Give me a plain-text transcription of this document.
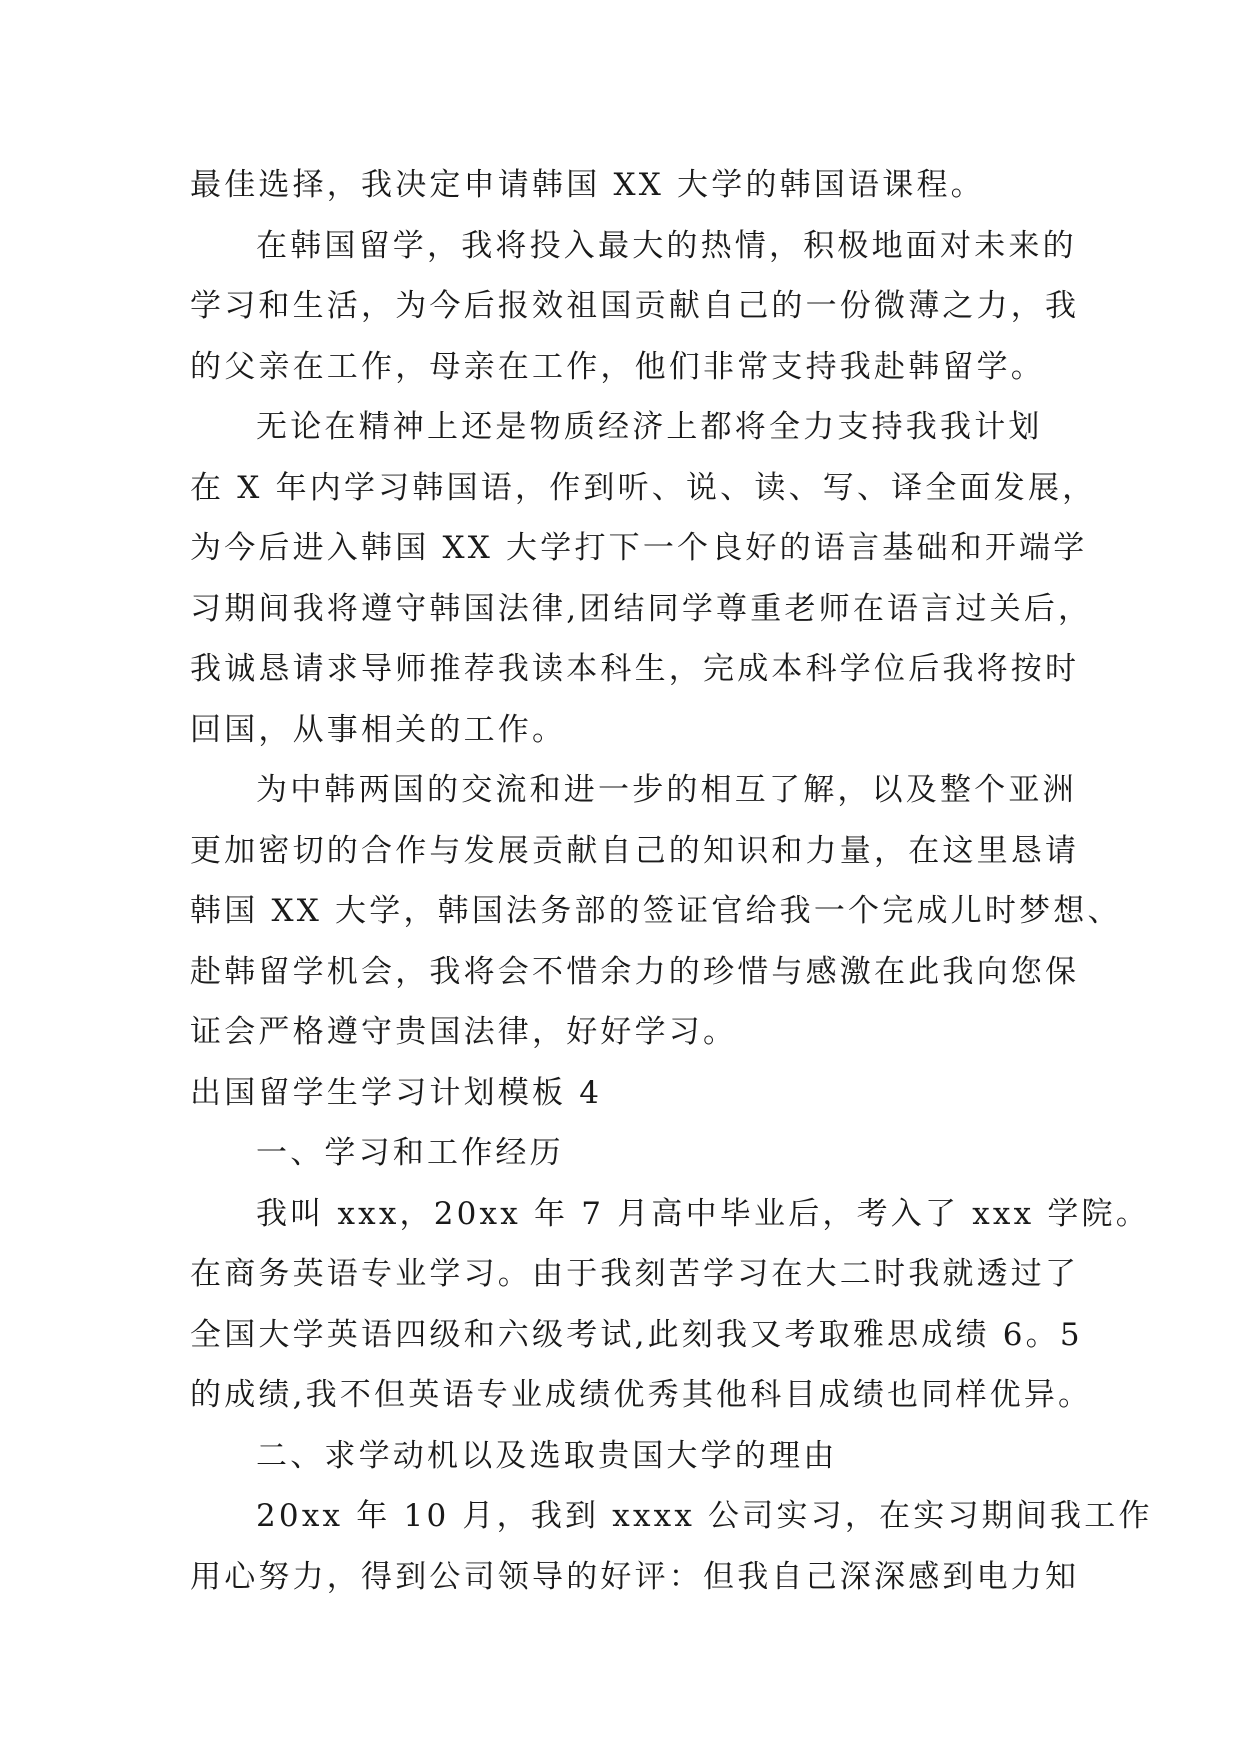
最佳选择，我决定申请韩国 XX 大学的韩国语课程。
在韩国留学，我将投入最大的热情，积极地面对未来的
学习和生活，为今后报效祖国贡献自己的一份微薄之力，我
的父亲在工作，母亲在工作，他们非常支持我赴韩留学。
无论在精神上还是物质经济上都将全力支持我我计划
在 X 年内学习韩国语，作到听、说、读、写、译全面发展，
为今后进入韩国 XX 大学打下一个良好的语言基础和开端学
习期间我将遵守韩国法律,团结同学尊重老师在语言过关后，
我诚恳请求导师推荐我读本科生，完成本科学位后我将按时
回国，从事相关的工作。
为中韩两国的交流和进一步的相互了解，以及整个亚洲
更加密切的合作与发展贡献自己的知识和力量，在这里恳请
韩国 XX 大学，韩国法务部的签证官给我一个完成儿时梦想、
赴韩留学机会，我将会不惜余力的珍惜与感激在此我向您保
证会严格遵守贵国法律，好好学习。
出国留学生学习计划模板 4
一、学习和工作经历
我叫 xxx，20xx 年 7 月高中毕业后，考入了 xxx 学院。
在商务英语专业学习。由于我刻苦学习在大二时我就透过了
全国大学英语四级和六级考试,此刻我又考取雅思成绩 6。5
的成绩,我不但英语专业成绩优秀其他科目成绩也同样优异。
二、求学动机以及选取贵国大学的理由
20xx 年 10 月，我到 xxxx 公司实习，在实习期间我工作
用心努力，得到公司领导的好评：但我自己深深感到电力知
